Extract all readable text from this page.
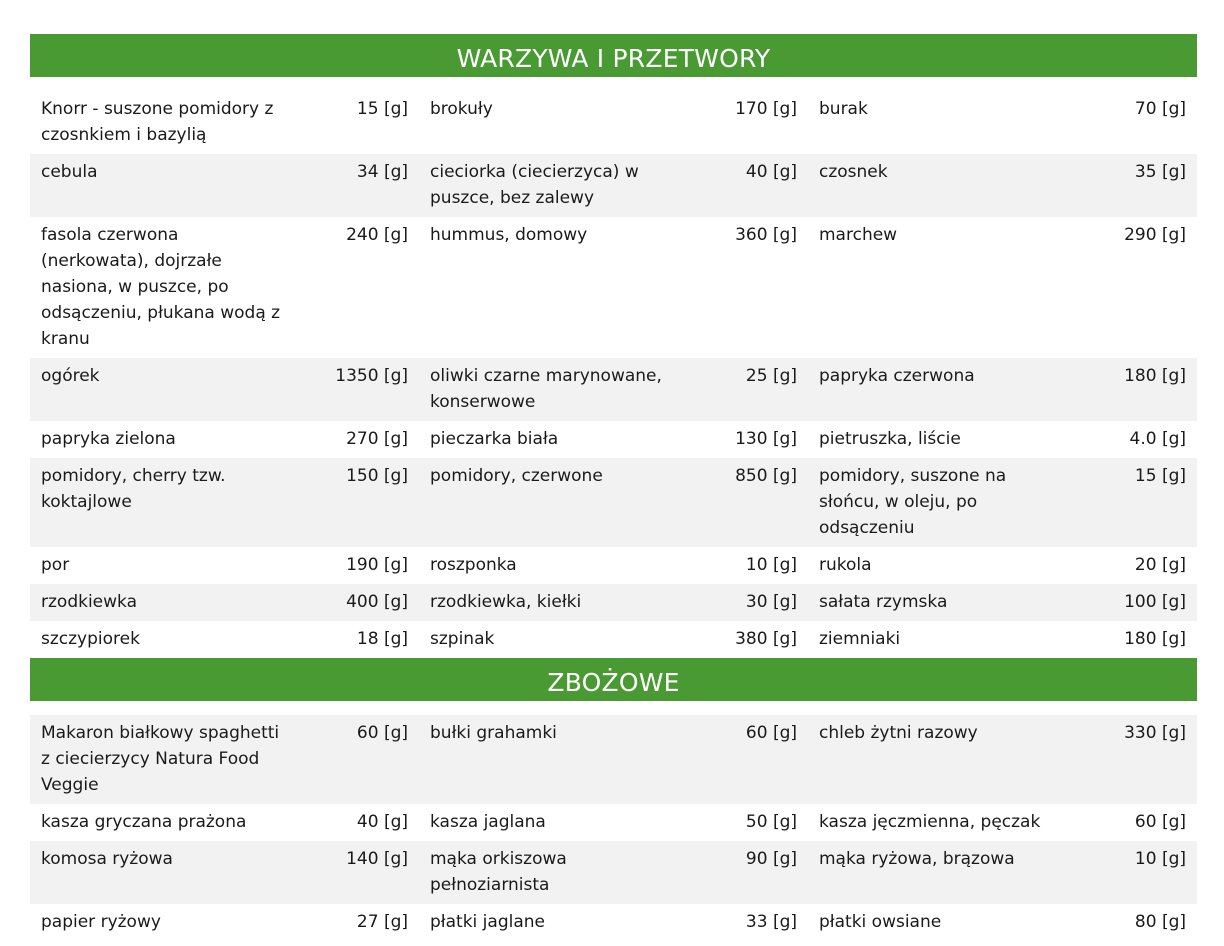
WARZYWA I PRZETWORY
Knorr - suszone pomidory z czosnkiem i bazylią	15 [g]	brokuły	170 [g]	burak	70 [g]
cebula	34 [g]	cieciorka (ciecierzyca) w puszce, bez zalewy	40 [g]	czosnek	35 [g]
fasola czerwona (nerkowata), dojrzałe nasiona, w puszce, po odsączeniu, płukana wodą z kranu	240 [g]	hummus, domowy	360 [g]	marchew	290 [g]
ogórek	1350 [g]	oliwki czarne marynowane, konserwowe	25 [g]	papryka czerwona	180 [g]
papryka zielona	270 [g]	pieczarka biała	130 [g]	pietruszka, liście	4.0 [g]
pomidory, cherry tzw. koktajlowe	150 [g]	pomidory, czerwone	850 [g]	pomidory, suszone na słońcu, w oleju, po odsączeniu	15 [g]
por	190 [g]	roszponka	10 [g]	rukola	20 [g]
rzodkiewka	400 [g]	rzodkiewka, kiełki	30 [g]	sałata rzymska	100 [g]
szczypiorek	18 [g]	szpinak	380 [g]	ziemniaki	180 [g]
ZBOŻOWE
Makaron białkowy spaghetti z ciecierzycy Natura Food Veggie	60 [g]	bułki grahamki	60 [g]	chleb żytni razowy	330 [g]
kasza gryczana prażona	40 [g]	kasza jaglana	50 [g]	kasza jęczmienna, pęczak	60 [g]
komosa ryżowa	140 [g]	mąka orkiszowa pełnoziarnista	90 [g]	mąka ryżowa, brązowa	10 [g]
papier ryżowy	27 [g]	płatki jaglane	33 [g]	płatki owsiane	80 [g]
